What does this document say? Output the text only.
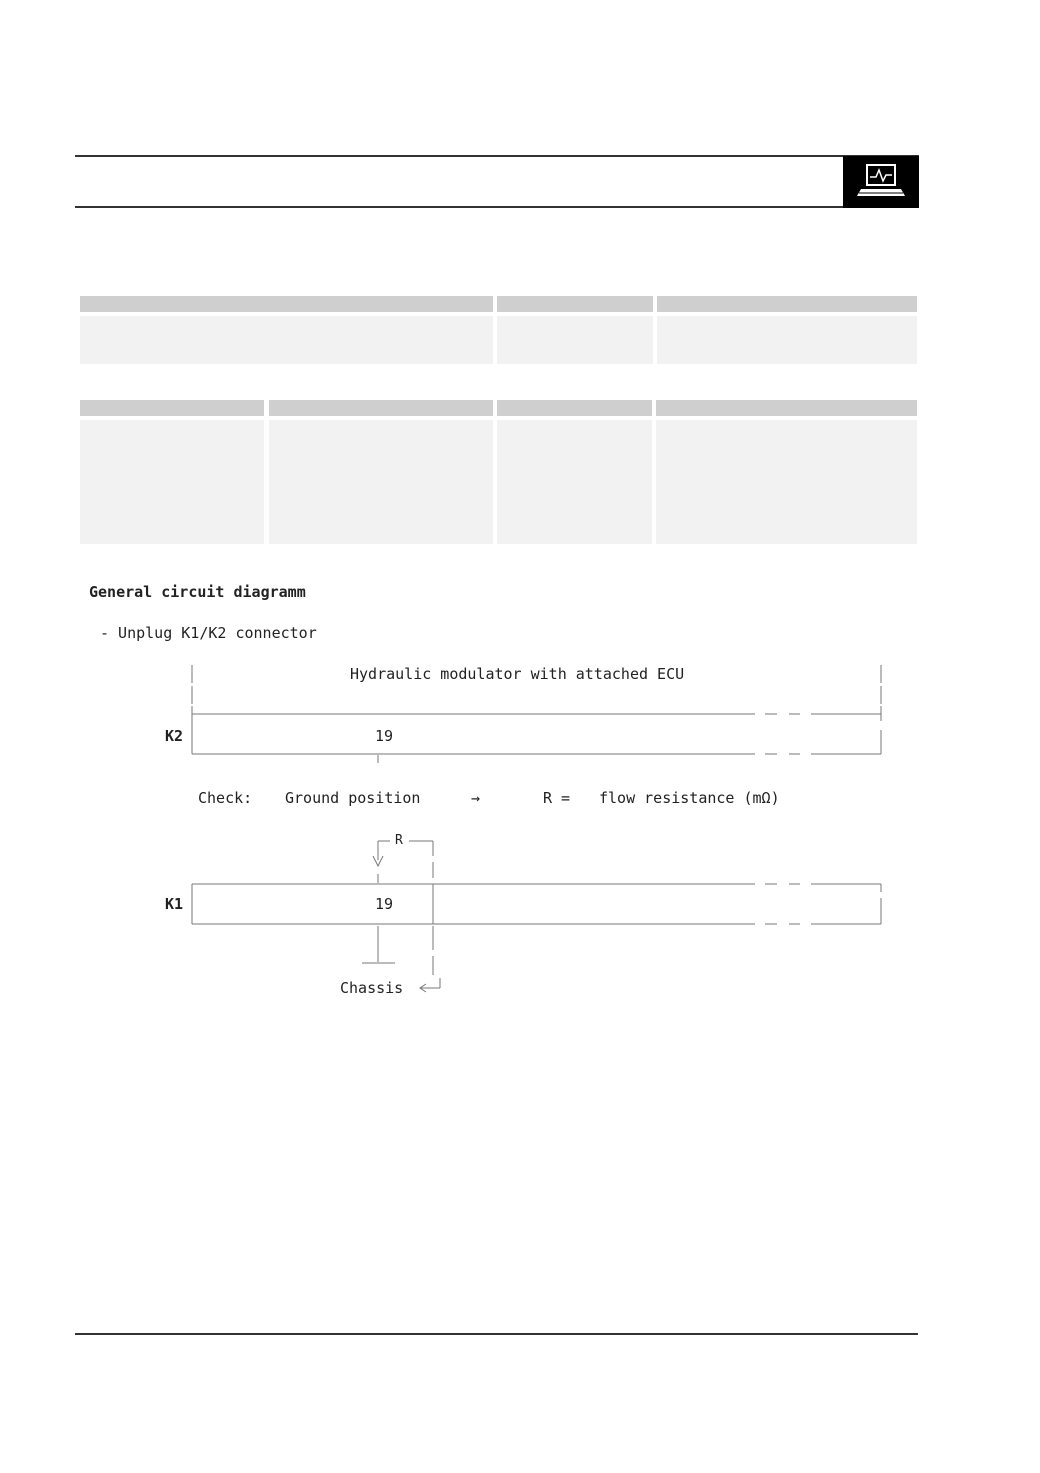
General circuit diagramm
- Unplug K1/K2 connector
Hydraulic modulator with attached ECU
K2	19
Check: Ground position	→	R = flow resistance (mΩ)
R
K1	19
Chassis
